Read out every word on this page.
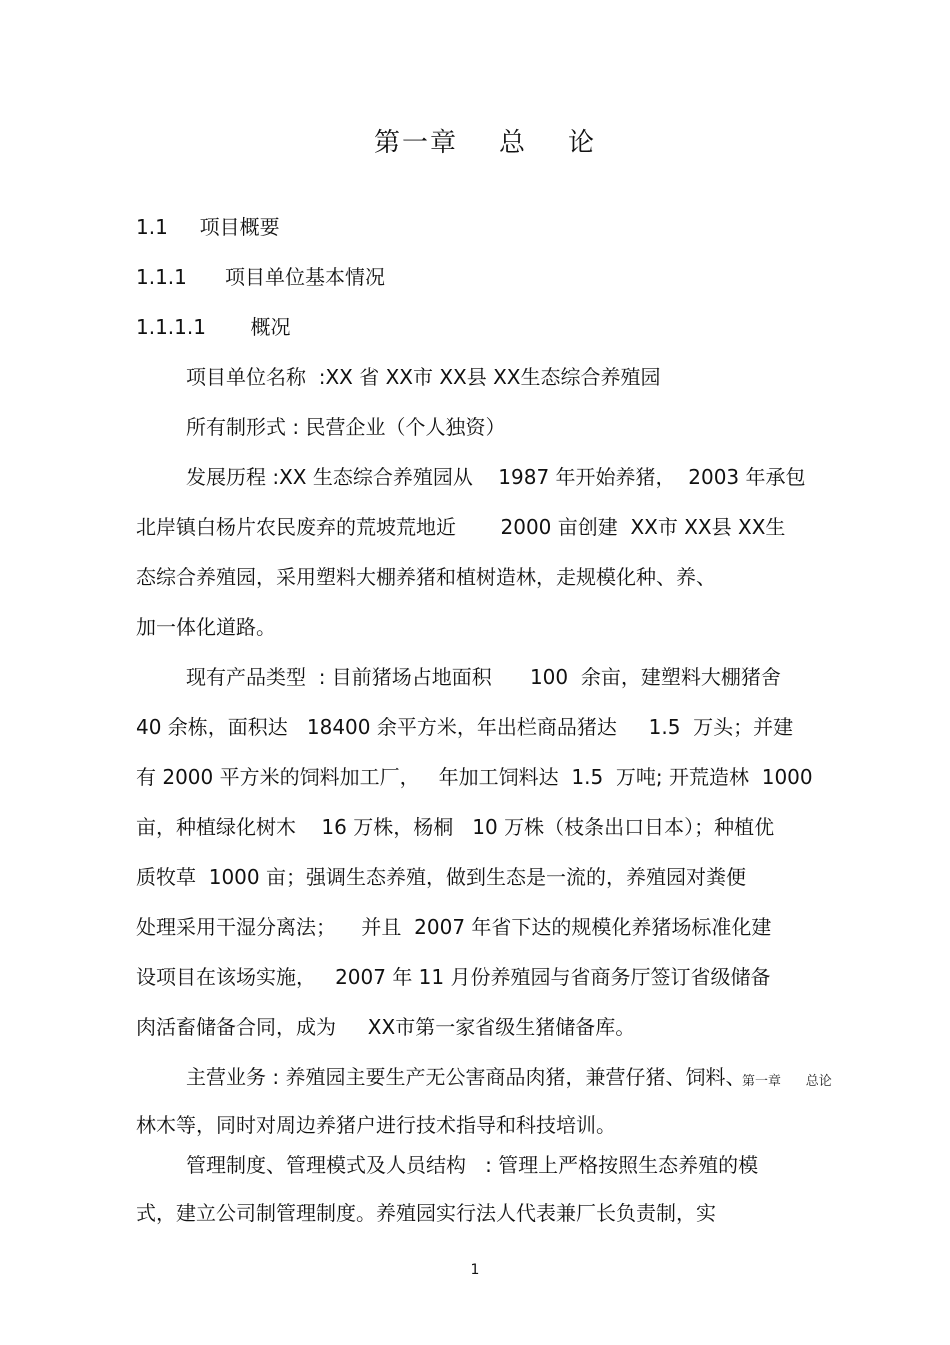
第一章    总    论
1.1     项目概要
1.1.1      项目单位基本情况
1.1.1.1       概况
项目单位名称  :XX 省 XX市 XX县 XX生态综合养殖园
所有制形式 : 民营企业（个人独资）
发展历程 :XX 生态综合养殖园从    1987 年开始养猪，  2003 年承包
北岸镇白杨片农民废弃的荒坡荒地近       2000 亩创建  XX市 XX县 XX生
态综合养殖园，采用塑料大棚养猪和植树造林，走规模化种、养、
加一体化道路。
现有产品类型  : 目前猪场占地面积      100  余亩，建塑料大棚猪舍
40 余栋，面积达   18400 余平方米，年出栏商品猪达     1.5  万头；并建
有 2000 平方米的饲料加工厂，   年加工饲料达  1.5  万吨; 开荒造林  1000
亩，种植绿化树木    16 万株，杨桐   10 万株（枝条出口日本）；种植优
质牧草  1000 亩；强调生态养殖，做到生态是一流的，养殖园对粪便
处理采用干湿分离法；    并且  2007 年省下达的规模化养猪场标准化建
设项目在该场实施，   2007 年 11 月份养殖园与省商务厅签订省级储备
肉活畜储备合同，成为     XX市第一家省级生猪储备库。
主营业务 : 养殖园主要生产无公害商品肉猪，兼营仔猪、饲料、
林木等，同时对周边养猪户进行技术指导和科技培训。
管理制度、管理模式及人员结构   : 管理上严格按照生态养殖的模
式，建立公司制管理制度。养殖园实行法人代表兼厂长负责制，实
第一章      总论
1
